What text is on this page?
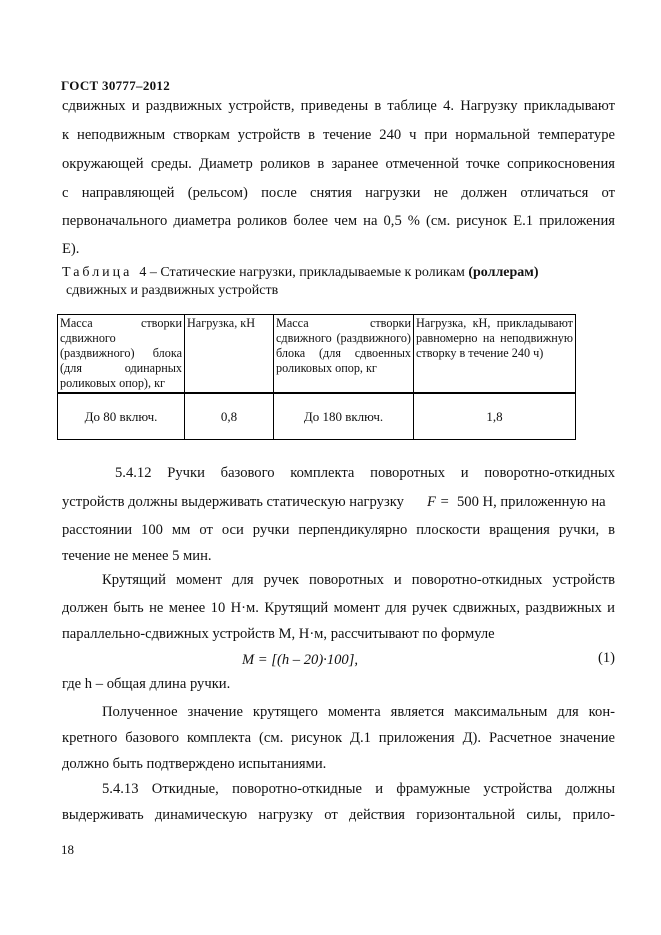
ГОСТ 30777–2012
сдвижных и раздвижных устройств, приведены в таблице 4. Нагрузку прикладывают
к неподвижным створкам устройств в течение 240 ч при нормальной температуре
окружающей среды. Диаметр роликов в заранее отмеченной точке соприкосновения
с направляющей (рельсом) после снятия нагрузки не должен отличаться от
первоначального диаметра роликов более чем на 0,5 % (см. рисунок Е.1 приложения
Е).
Таблица 4 – Статические нагрузки, прикладываемые к роликам (роллерам)
сдвижных и раздвижных устройств
Масса створки сдвижного (раздвижного) блока (для одинарных роликовых опор), кг	Нагрузка, кН	Масса створки сдвижного (раздвижного) блока (для сдвоенных роликовых опор, кг	Нагрузка, кН, прикладывают равномерно на неподвижную створку в течение 240 ч)
До 80 включ.	0,8	До 180 включ.	1,8
5.4.12 Ручки базового комплекта поворотных и поворотно-откидных
устройств должны выдерживать статическую нагрузку F = 500 Н, приложенную на
расстоянии 100 мм от оси ручки перпендикулярно плоскости вращения ручки, в
течение не менее 5 мин.
Крутящий момент для ручек поворотных и поворотно-откидных устройств
должен быть не менее 10 Н·м. Крутящий момент для ручек сдвижных, раздвижных и
параллельно-сдвижных устройств М, Н·м, рассчитывают по формуле
M = [(h – 20)·100],	(1)
где h – общая длина ручки.
Полученное значение крутящего момента является максимальным для кон-
кретного базового комплекта (см. рисунок Д.1 приложения Д). Расчетное значение
должно быть подтверждено испытаниями.
5.4.13 Откидные, поворотно-откидные и фрамужные устройства должны
выдерживать динамическую нагрузку от действия горизонтальной силы, прило-
18
